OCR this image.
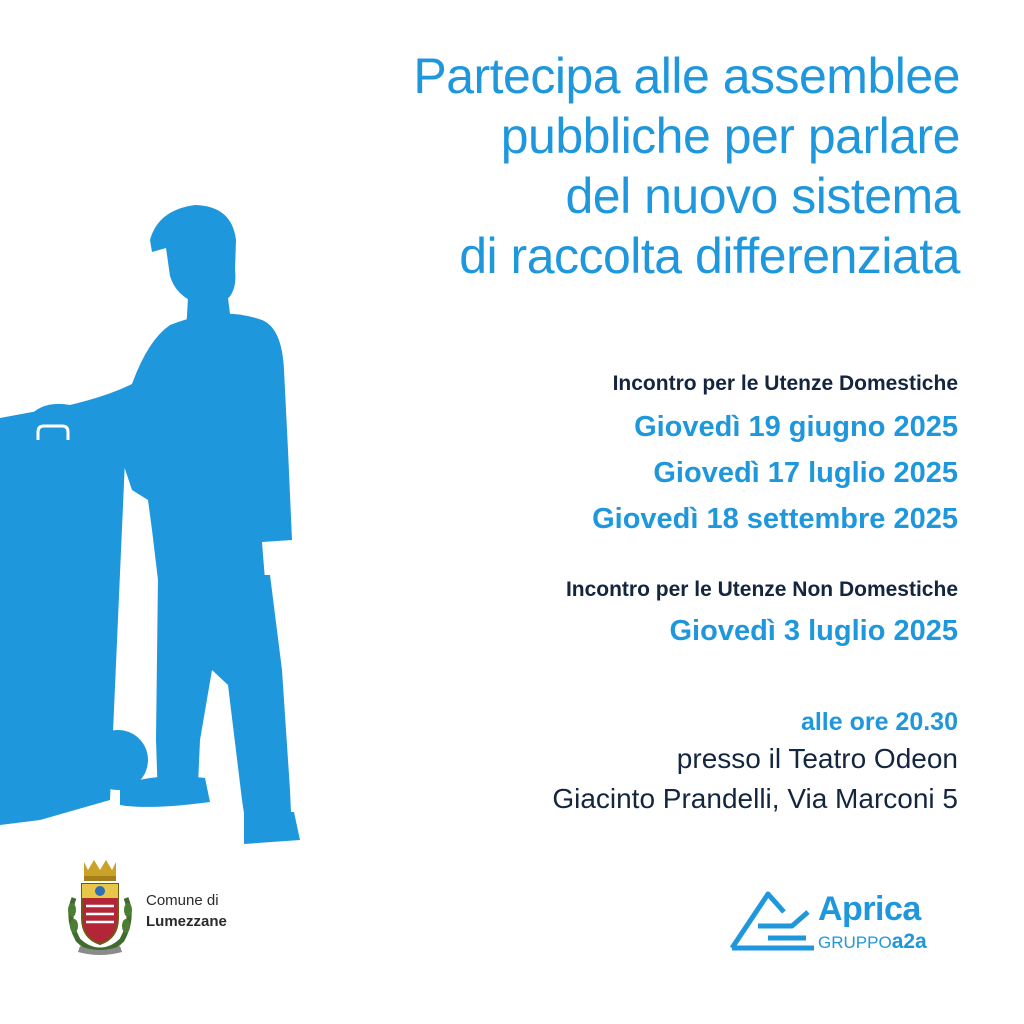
Partecipa alle assemblee
pubbliche per parlare
del nuovo sistema
di raccolta differenziata
Incontro per le Utenze Domestiche
Giovedì 19 giugno 2025
Giovedì 17 luglio 2025
Giovedì 18 settembre 2025
Incontro per le Utenze Non Domestiche
Giovedì 3 luglio 2025
alle ore 20.30
presso il Teatro Odeon
Giacinto Prandelli, Via Marconi 5
Comune di
Lumezzane	Aprica
GRUPPOa2a
